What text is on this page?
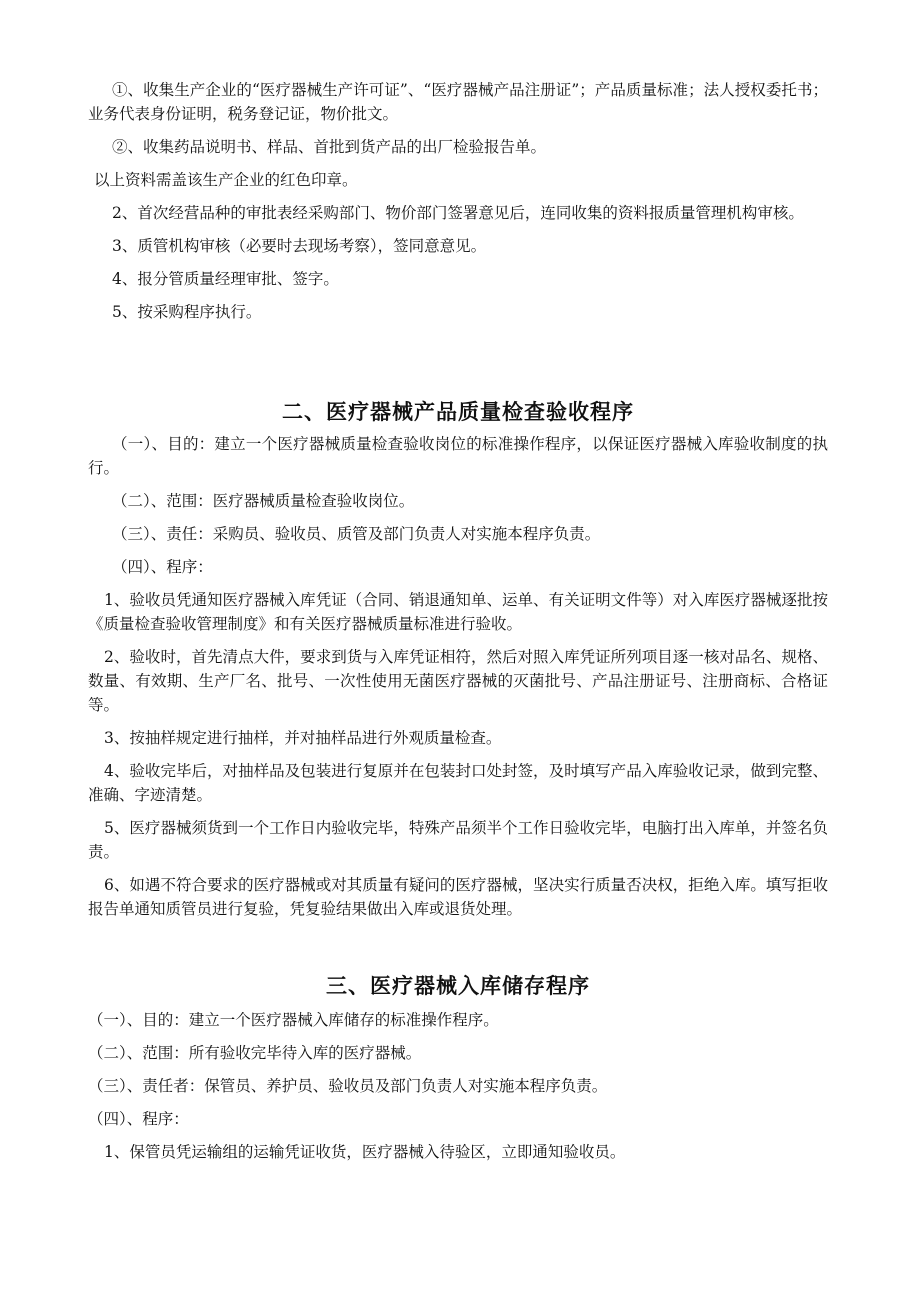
①、收集生产企业的“医疗器械生产许可证”、“医疗器械产品注册证”；产品质量标准；法人授权委托书；业务代表身份证明，税务登记证，物价批文。

②、收集药品说明书、样品、首批到货产品的出厂检验报告单。

以上资料需盖该生产企业的红色印章。

2、首次经营品种的审批表经采购部门、物价部门签署意见后，连同收集的资料报质量管理机构审核。

3、质管机构审核（必要时去现场考察），签同意意见。

4、报分管质量经理审批、签字。

5、按采购程序执行。

二、医疗器械产品质量检查验收程序

（一）、目的：建立一个医疗器械质量检查验收岗位的标准操作程序，以保证医疗器械入库验收制度的执行。

（二）、范围：医疗器械质量检查验收岗位。

（三）、责任：采购员、验收员、质管及部门负责人对实施本程序负责。

（四）、程序：

1、验收员凭通知医疗器械入库凭证（合同、销退通知单、运单、有关证明文件等）对入库医疗器械逐批按《质量检查验收管理制度》和有关医疗器械质量标准进行验收。

2、验收时，首先清点大件，要求到货与入库凭证相符，然后对照入库凭证所列项目逐一核对品名、规格、数量、有效期、生产厂名、批号、一次性使用无菌医疗器械的灭菌批号、产品注册证号、注册商标、合格证等。

3、按抽样规定进行抽样，并对抽样品进行外观质量检查。

4、验收完毕后，对抽样品及包装进行复原并在包装封口处封签，及时填写产品入库验收记录，做到完整、准确、字迹清楚。

5、医疗器械须货到一个工作日内验收完毕，特殊产品须半个工作日验收完毕，电脑打出入库单，并签名负责。

6、如遇不符合要求的医疗器械或对其质量有疑问的医疗器械，坚决实行质量否决权，拒绝入库。填写拒收报告单通知质管员进行复验，凭复验结果做出入库或退货处理。

三、医疗器械入库储存程序

（一）、目的：建立一个医疗器械入库储存的标准操作程序。

（二）、范围：所有验收完毕待入库的医疗器械。

（三）、责任者：保管员、养护员、验收员及部门负责人对实施本程序负责。

（四）、程序：

1、保管员凭运输组的运输凭证收货，医疗器械入待验区，立即通知验收员。
